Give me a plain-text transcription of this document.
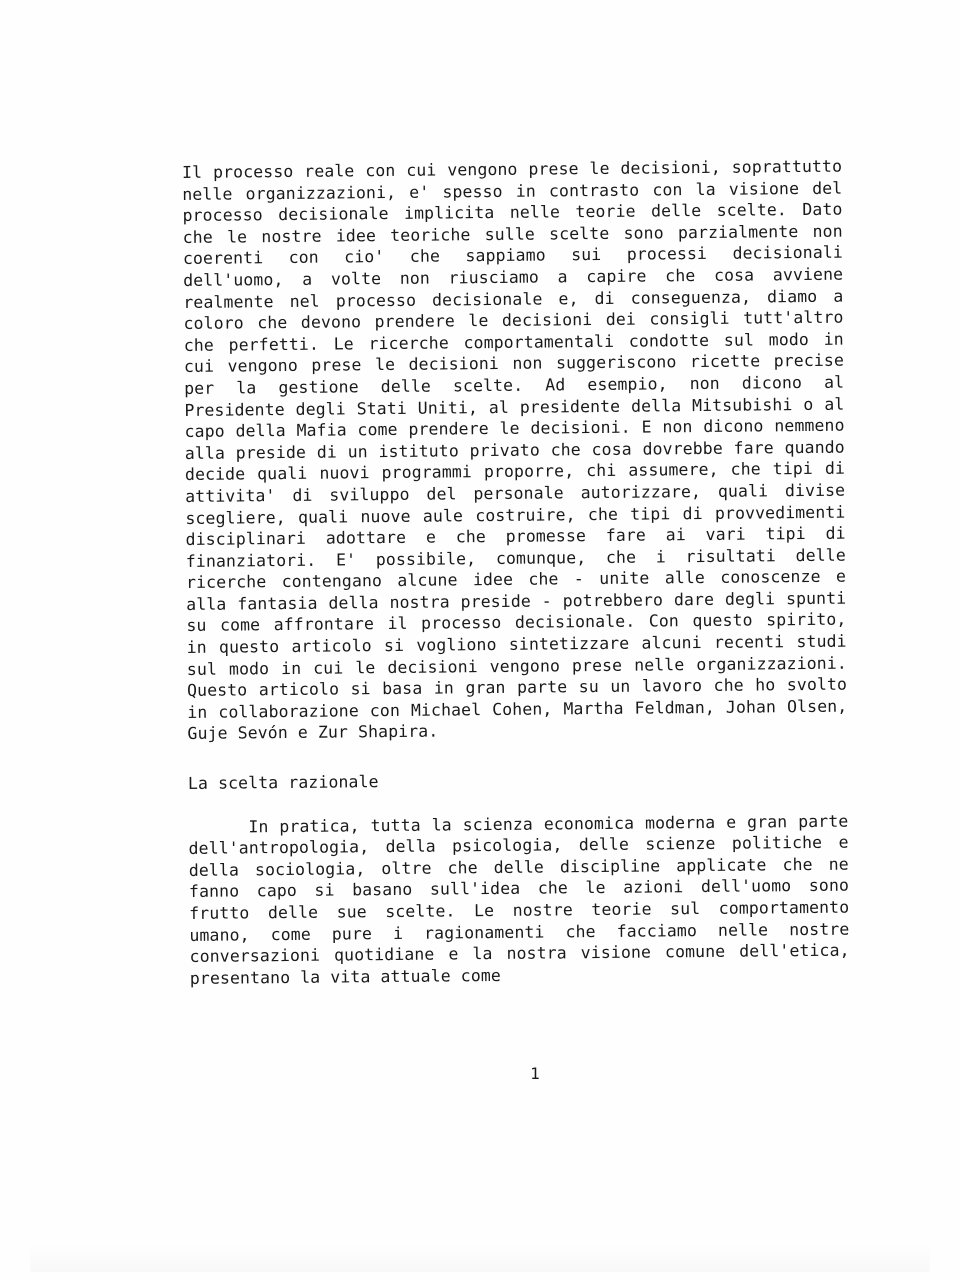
Il processo reale con cui vengono prese le decisioni, soprattutto nelle organizzazioni, e' spesso in contrasto con la visione del processo decisionale implicita nelle teorie delle scelte. Dato che le nostre idee teoriche sulle scelte sono parzialmente non coerenti con cio' che sappiamo sui processi decisionali dell'uomo, a volte non riusciamo a capire che cosa avviene realmente nel processo decisionale e, di conseguenza, diamo a coloro che devono prendere le decisioni dei consigli tutt'altro che perfetti. Le ricerche comportamentali condotte sul modo in cui vengono prese le decisioni non suggeriscono ricette precise per la gestione delle scelte. Ad esempio, non dicono al Presidente degli Stati Uniti, al presidente della Mitsubishi o al capo della Mafia come prendere le decisioni. E non dicono nemmeno alla preside di un istituto privato che cosa dovrebbe fare quando decide quali nuovi programmi proporre, chi assumere, che tipi di attivita' di sviluppo del personale autorizzare, quali divise scegliere, quali nuove aule costruire, che tipi di provvedimenti disciplinari adottare e che promesse fare ai vari tipi di finanziatori. E' possibile, comunque, che i risultati delle ricerche contengano alcune idee che - unite alle conoscenze e alla fantasia della nostra preside - potrebbero dare degli spunti su come affrontare il processo decisionale. Con questo spirito, in questo articolo si vogliono sintetizzare alcuni recenti studi sul modo in cui le decisioni vengono prese nelle organizzazioni. Questo articolo si basa in gran parte su un lavoro che ho svolto in collaborazione con Michael Cohen, Martha Feldman, Johan Olsen, Guje Sevón e Zur Shapira.

La scelta razionale

In pratica, tutta la scienza economica moderna e gran parte dell'antropologia, della psicologia, delle scienze politiche e della sociologia, oltre che delle discipline applicate che ne fanno capo si basano sull'idea che le azioni dell'uomo sono frutto delle sue scelte. Le nostre teorie sul comportamento umano, come pure i ragionamenti che facciamo nelle nostre conversazioni quotidiane e la nostra visione comune dell'etica, presentano la vita attuale come

1
